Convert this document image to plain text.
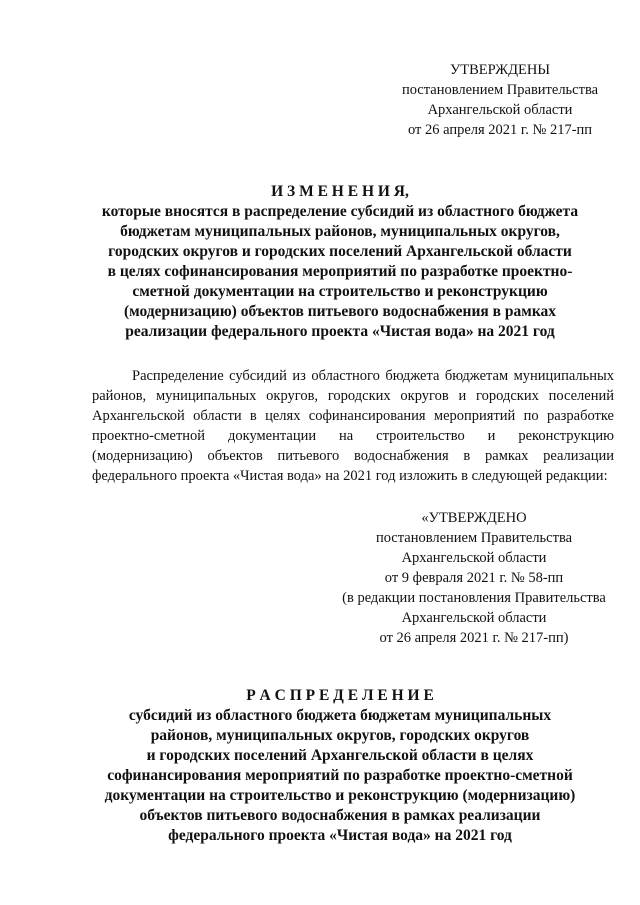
УТВЕРЖДЕНЫ
постановлением Правительства
Архангельской области
от 26 апреля 2021 г. № 217-пп
И З М Е Н Е Н И Я,
которые вносятся в распределение субсидий из областного бюджета
бюджетам муниципальных районов, муниципальных округов,
городских округов и городских поселений Архангельской области
в целях софинансирования мероприятий по разработке проектно-
сметной документации на строительство и реконструкцию
(модернизацию) объектов питьевого водоснабжения в рамках
реализации федерального проекта «Чистая вода» на 2021 год

Распределение субсидий из областного бюджета бюджетам муниципальных районов, муниципальных округов, городских округов и городских поселений Архангельской области в целях софинансирования мероприятий по разработке проектно-сметной документации на строительство и реконструкцию (модернизацию) объектов питьевого водоснабжения в рамках реализации федерального проекта «Чистая вода» на 2021 год изложить в следующей редакции:

«УТВЕРЖДЕНО
постановлением Правительства
Архангельской области
от 9 февраля 2021 г. № 58-пп
(в редакции постановления Правительства
Архангельской области
от 26 апреля 2021 г. № 217-пп)
Р А С П Р Е Д Е Л Е Н И Е
субсидий из областного бюджета бюджетам муниципальных
районов, муниципальных округов, городских округов
и городских поселений Архангельской области в целях
софинансирования мероприятий по разработке проектно-сметной
документации на строительство и реконструкцию (модернизацию)
объектов питьевого водоснабжения в рамках реализации
федерального проекта «Чистая вода» на 2021 год
